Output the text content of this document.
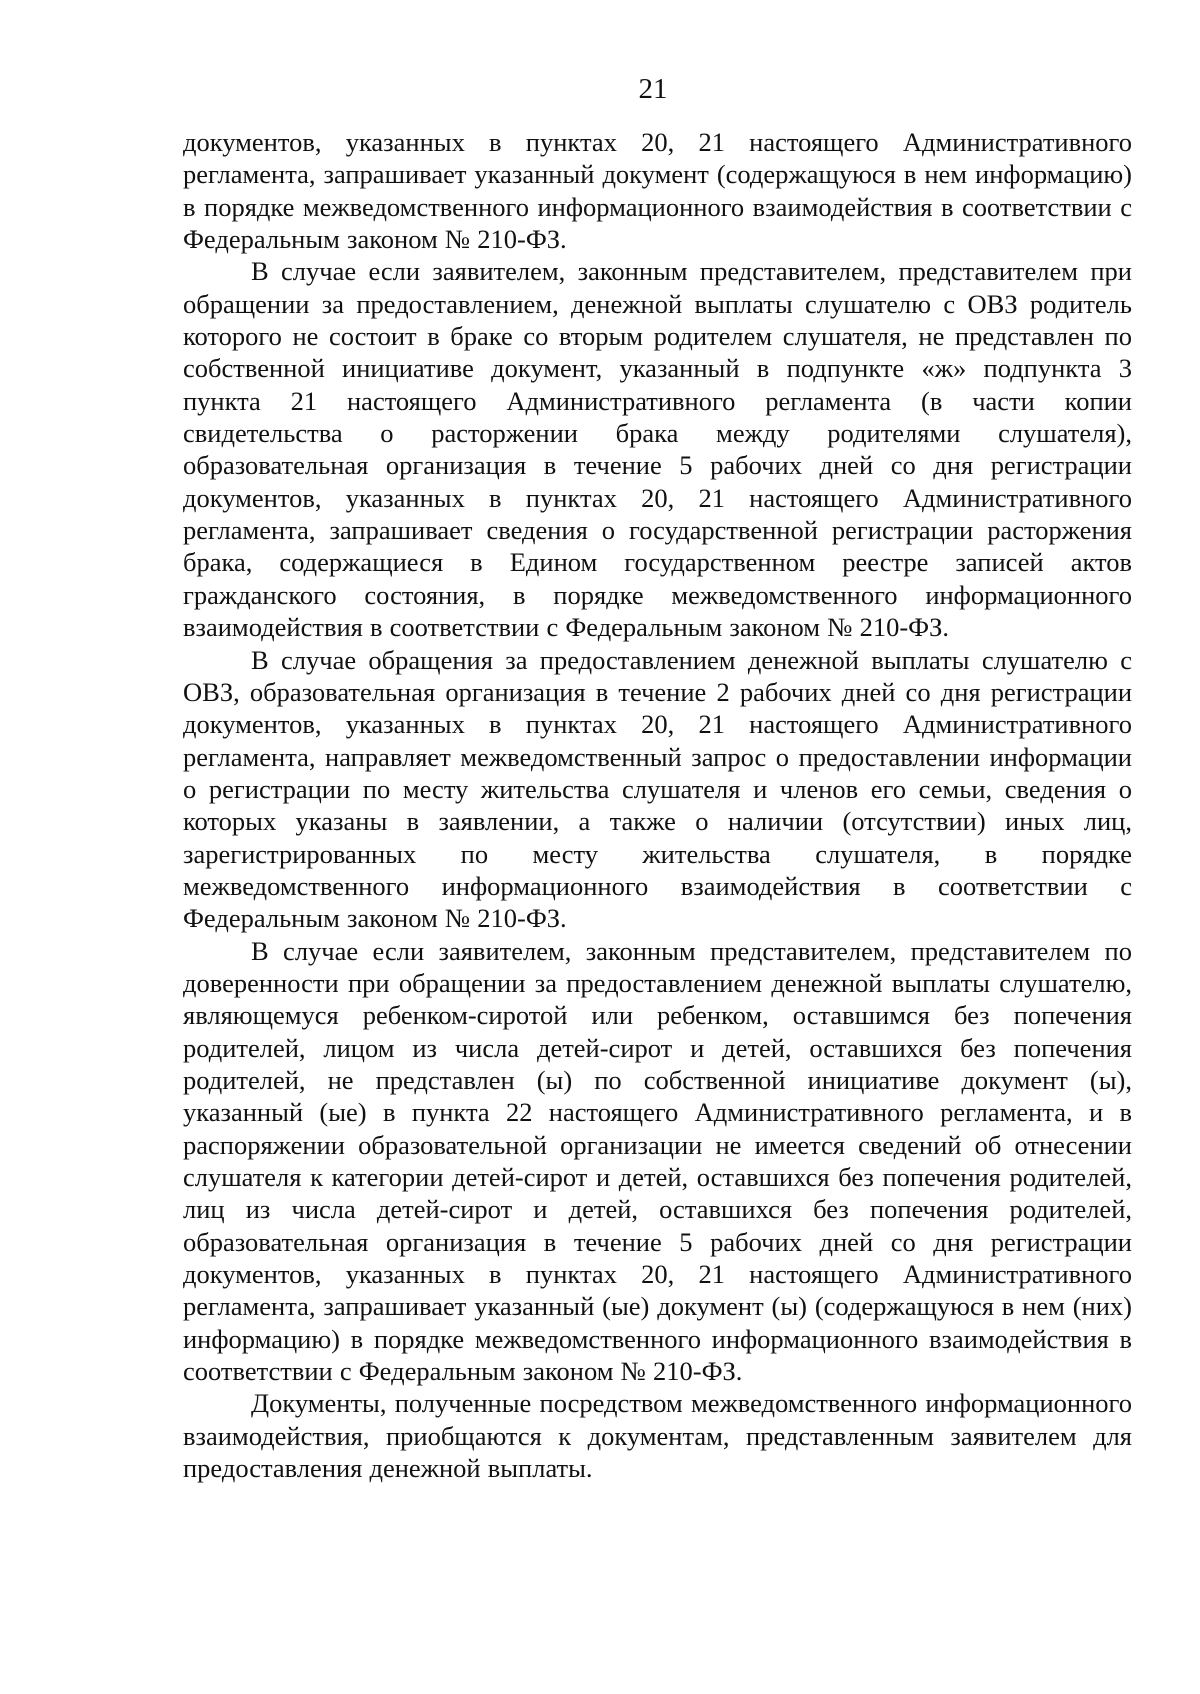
21

документов, указанных в пунктах 20, 21 настоящего Административного регламента, запрашивает указанный документ (содержащуюся в нем информацию) в порядке межведомственного информационного взаимодействия в соответствии с Федеральным законом № 210-ФЗ.

В случае если заявителем, законным представителем, представителем при обращении за предоставлением, денежной выплаты слушателю с ОВЗ родитель которого не состоит в браке со вторым родителем слушателя, не представлен по собственной инициативе документ, указанный в подпункте «ж» подпункта 3 пункта 21 настоящего Административного регламента (в части копии свидетельства о расторжении брака между родителями слушателя), образовательная организация в течение 5 рабочих дней со дня регистрации документов, указанных в пунктах 20, 21 настоящего Административного регламента, запрашивает сведения о государственной регистрации расторжения брака, содержащиеся в Едином государственном реестре записей актов гражданского состояния, в порядке межведомственного информационного взаимодействия в соответствии с Федеральным законом № 210-ФЗ.

В случае обращения за предоставлением денежной выплаты слушателю с ОВЗ, образовательная организация в течение 2 рабочих дней со дня регистрации документов, указанных в пунктах 20, 21 настоящего Административного регламента, направляет межведомственный запрос о предоставлении информации о регистрации по месту жительства слушателя и членов его семьи, сведения о которых указаны в заявлении, а также о наличии (отсутствии) иных лиц, зарегистрированных по месту жительства слушателя, в порядке межведомственного информационного взаимодействия в соответствии с Федеральным законом № 210-ФЗ.

В случае если заявителем, законным представителем, представителем по доверенности при обращении за предоставлением денежной выплаты слушателю, являющемуся ребенком-сиротой или ребенком, оставшимся без попечения родителей, лицом из числа детей-сирот и детей, оставшихся без попечения родителей, не представлен (ы) по собственной инициативе документ (ы), указанный (ые) в пункта 22 настоящего Административного регламента, и в распоряжении образовательной организации не имеется сведений об отнесении слушателя к категории детей-сирот и детей, оставшихся без попечения родителей, лиц из числа детей-сирот и детей, оставшихся без попечения родителей, образовательная организация в течение 5 рабочих дней со дня регистрации документов, указанных в пунктах 20, 21 настоящего Административного регламента, запрашивает указанный (ые) документ (ы) (содержащуюся в нем (них) информацию) в порядке межведомственного информационного взаимодействия в соответствии с Федеральным законом № 210-ФЗ.

Документы, полученные посредством межведомственного информационного взаимодействия, приобщаются к документам, представленным заявителем для предоставления денежной выплаты.
